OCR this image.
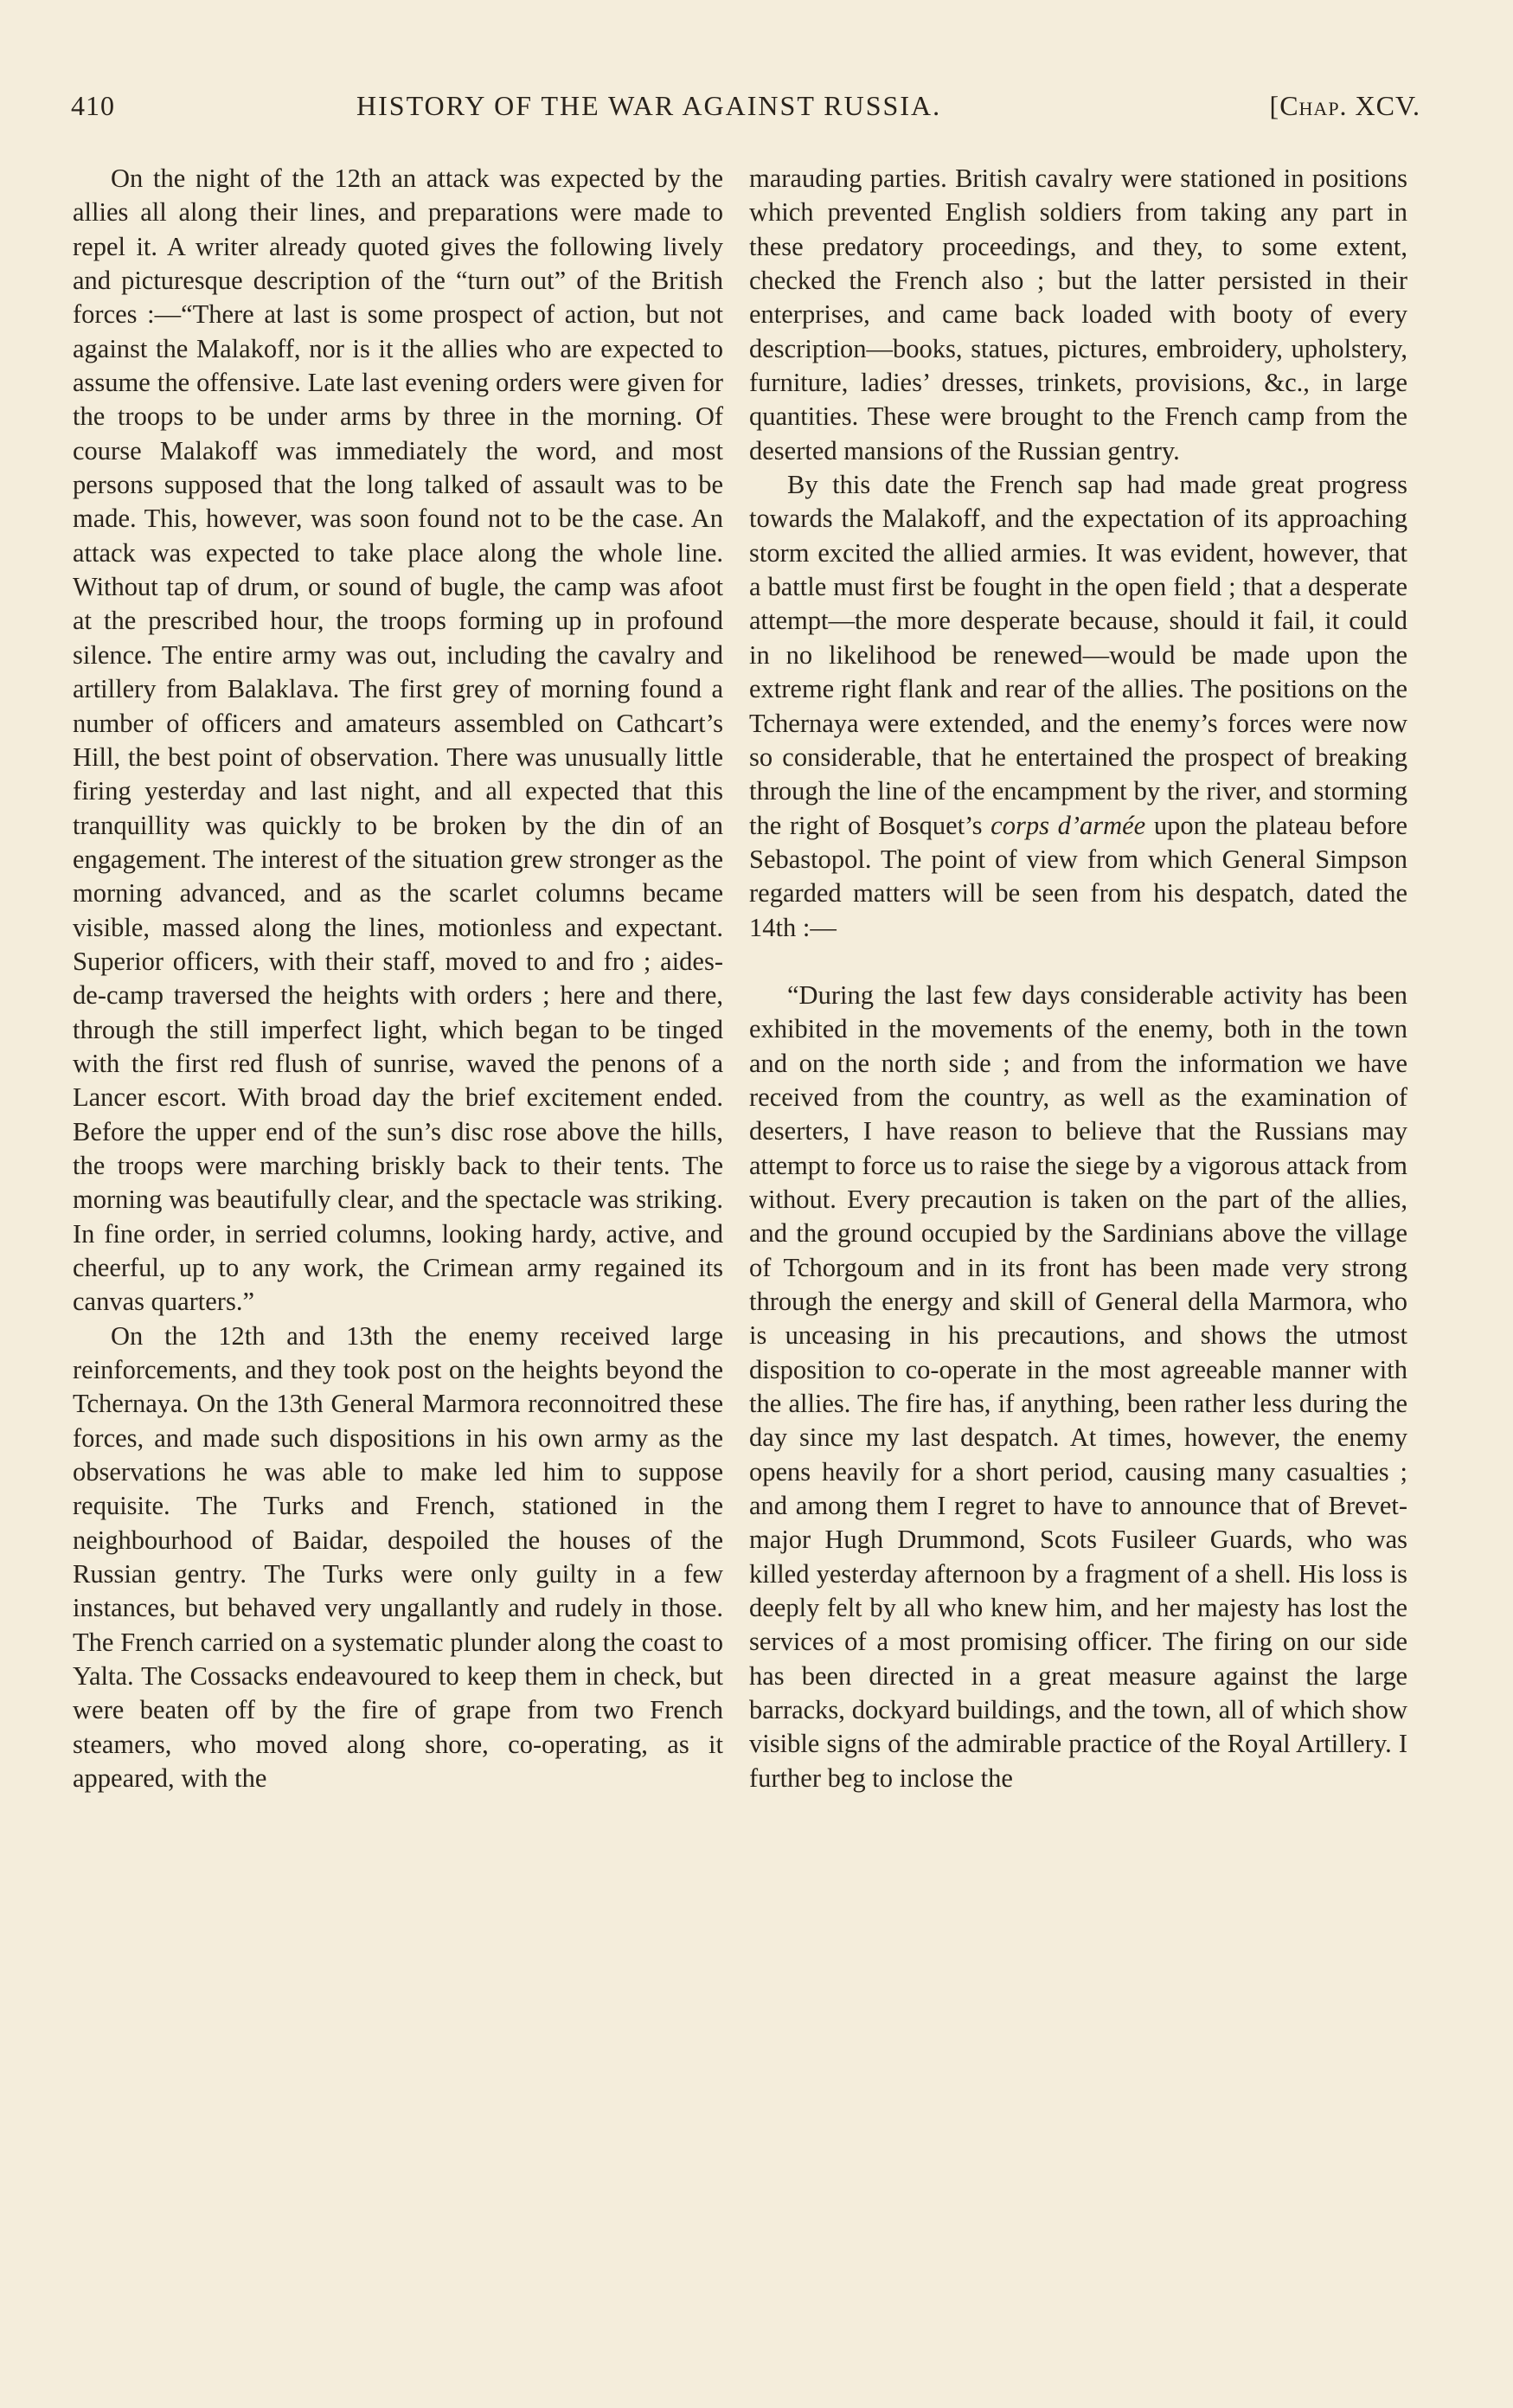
410	HISTORY OF THE WAR AGAINST RUSSIA.	[Chap. XCV.

On the night of the 12th an attack was expected by the allies all along their lines, and preparations were made to repel it. A writer already quoted gives the following lively and picturesque description of the “turn out” of the British forces :—“There at last is some prospect of action, but not against the Malakoff, nor is it the allies who are expected to assume the offensive. Late last evening orders were given for the troops to be under arms by three in the morning. Of course Malakoff was immediately the word, and most persons supposed that the long talked of assault was to be made. This, however, was soon found not to be the case. An attack was expected to take place along the whole line. Without tap of drum, or sound of bugle, the camp was afoot at the prescribed hour, the troops forming up in profound silence. The entire army was out, including the cavalry and artillery from Balaklava. The first grey of morning found a number of officers and amateurs assembled on Cathcart’s Hill, the best point of observation. There was unusually little firing yesterday and last night, and all expected that this tranquillity was quickly to be broken by the din of an engagement. The interest of the situation grew stronger as the morning advanced, and as the scarlet columns became visible, massed along the lines, motionless and expectant. Superior officers, with their staff, moved to and fro ; aides-de-camp traversed the heights with orders ; here and there, through the still imperfect light, which began to be tinged with the first red flush of sunrise, waved the penons of a Lancer escort. With broad day the brief excitement ended. Before the upper end of the sun’s disc rose above the hills, the troops were marching briskly back to their tents. The morning was beautifully clear, and the spectacle was striking. In fine order, in serried columns, looking hardy, active, and cheerful, up to any work, the Crimean army regained its canvas quarters.”

On the 12th and 13th the enemy received large reinforcements, and they took post on the heights beyond the Tchernaya. On the 13th General Marmora reconnoitred these forces, and made such dispositions in his own army as the observations he was able to make led him to suppose requisite. The Turks and French, stationed in the neighbourhood of Baidar, despoiled the houses of the Russian gentry. The Turks were only guilty in a few instances, but behaved very ungallantly and rudely in those. The French carried on a systematic plunder along the coast to Yalta. The Cossacks endeavoured to keep them in check, but were beaten off by the fire of grape from two French steamers, who moved along shore, co-operating, as it appeared, with the

marauding parties. British cavalry were stationed in positions which prevented English soldiers from taking any part in these predatory proceedings, and they, to some extent, checked the French also ; but the latter persisted in their enterprises, and came back loaded with booty of every description—books, statues, pictures, embroidery, upholstery, furniture, ladies’ dresses, trinkets, provisions, &c., in large quantities. These were brought to the French camp from the deserted mansions of the Russian gentry.

By this date the French sap had made great progress towards the Malakoff, and the expectation of its approaching storm excited the allied armies. It was evident, however, that a battle must first be fought in the open field ; that a desperate attempt—the more desperate because, should it fail, it could in no likelihood be renewed—would be made upon the extreme right flank and rear of the allies. The positions on the Tchernaya were extended, and the enemy’s forces were now so considerable, that he entertained the prospect of breaking through the line of the encampment by the river, and storming the right of Bosquet’s corps d’armée upon the plateau before Sebastopol. The point of view from which General Simpson regarded matters will be seen from his despatch, dated the 14th :—

“During the last few days considerable activity has been exhibited in the movements of the enemy, both in the town and on the north side ; and from the information we have received from the country, as well as the examination of deserters, I have reason to believe that the Russians may attempt to force us to raise the siege by a vigorous attack from without. Every precaution is taken on the part of the allies, and the ground occupied by the Sardinians above the village of Tchorgoum and in its front has been made very strong through the energy and skill of General della Marmora, who is unceasing in his precautions, and shows the utmost disposition to co-operate in the most agreeable manner with the allies. The fire has, if anything, been rather less during the day since my last despatch. At times, however, the enemy opens heavily for a short period, causing many casualties ; and among them I regret to have to announce that of Brevet-major Hugh Drummond, Scots Fusileer Guards, who was killed yesterday afternoon by a fragment of a shell. His loss is deeply felt by all who knew him, and her majesty has lost the services of a most promising officer. The firing on our side has been directed in a great measure against the large barracks, dockyard buildings, and the town, all of which show visible signs of the admirable practice of the Royal Artillery. I further beg to inclose the
